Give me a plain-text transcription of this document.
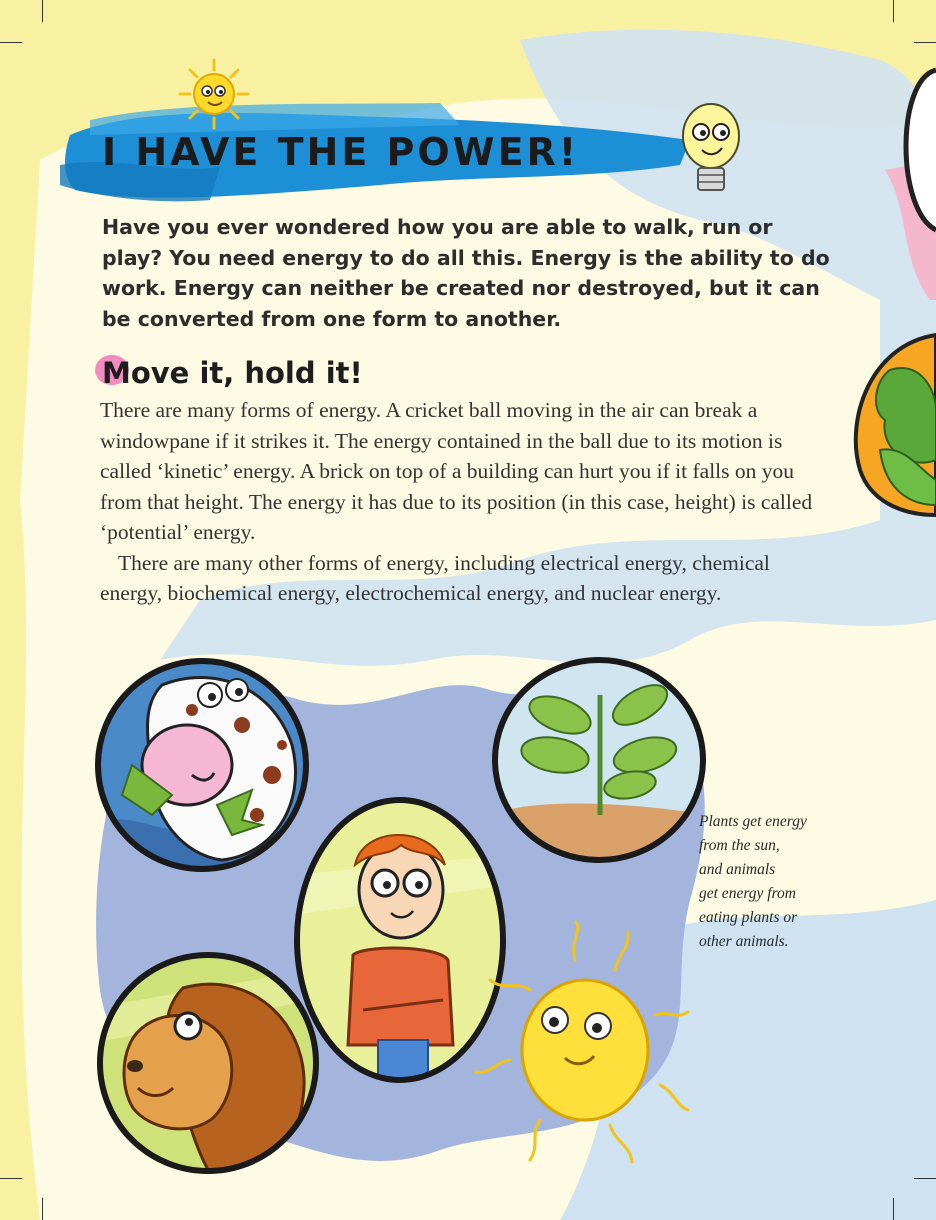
I HAVE THE POWER!

Have you ever wondered how you are able to walk, run or play? You need energy to do all this. Energy is the ability to do work. Energy can neither be created nor destroyed, but it can be converted from one form to another.

Move it, hold it!

There are many forms of energy. A cricket ball moving in the air can break a windowpane if it strikes it. The energy contained in the ball due to its motion is called ‘kinetic’ energy. A brick on top of a building can hurt you if it falls on you from that height. The energy it has due to its position (in this case, height) is called ‘potential’ energy.
There are many other forms of energy, including electrical energy, chemical energy, biochemical energy, electrochemical energy, and nuclear energy.

Plants get energy
from the sun,
and animals
get energy from
eating plants or
other animals.
